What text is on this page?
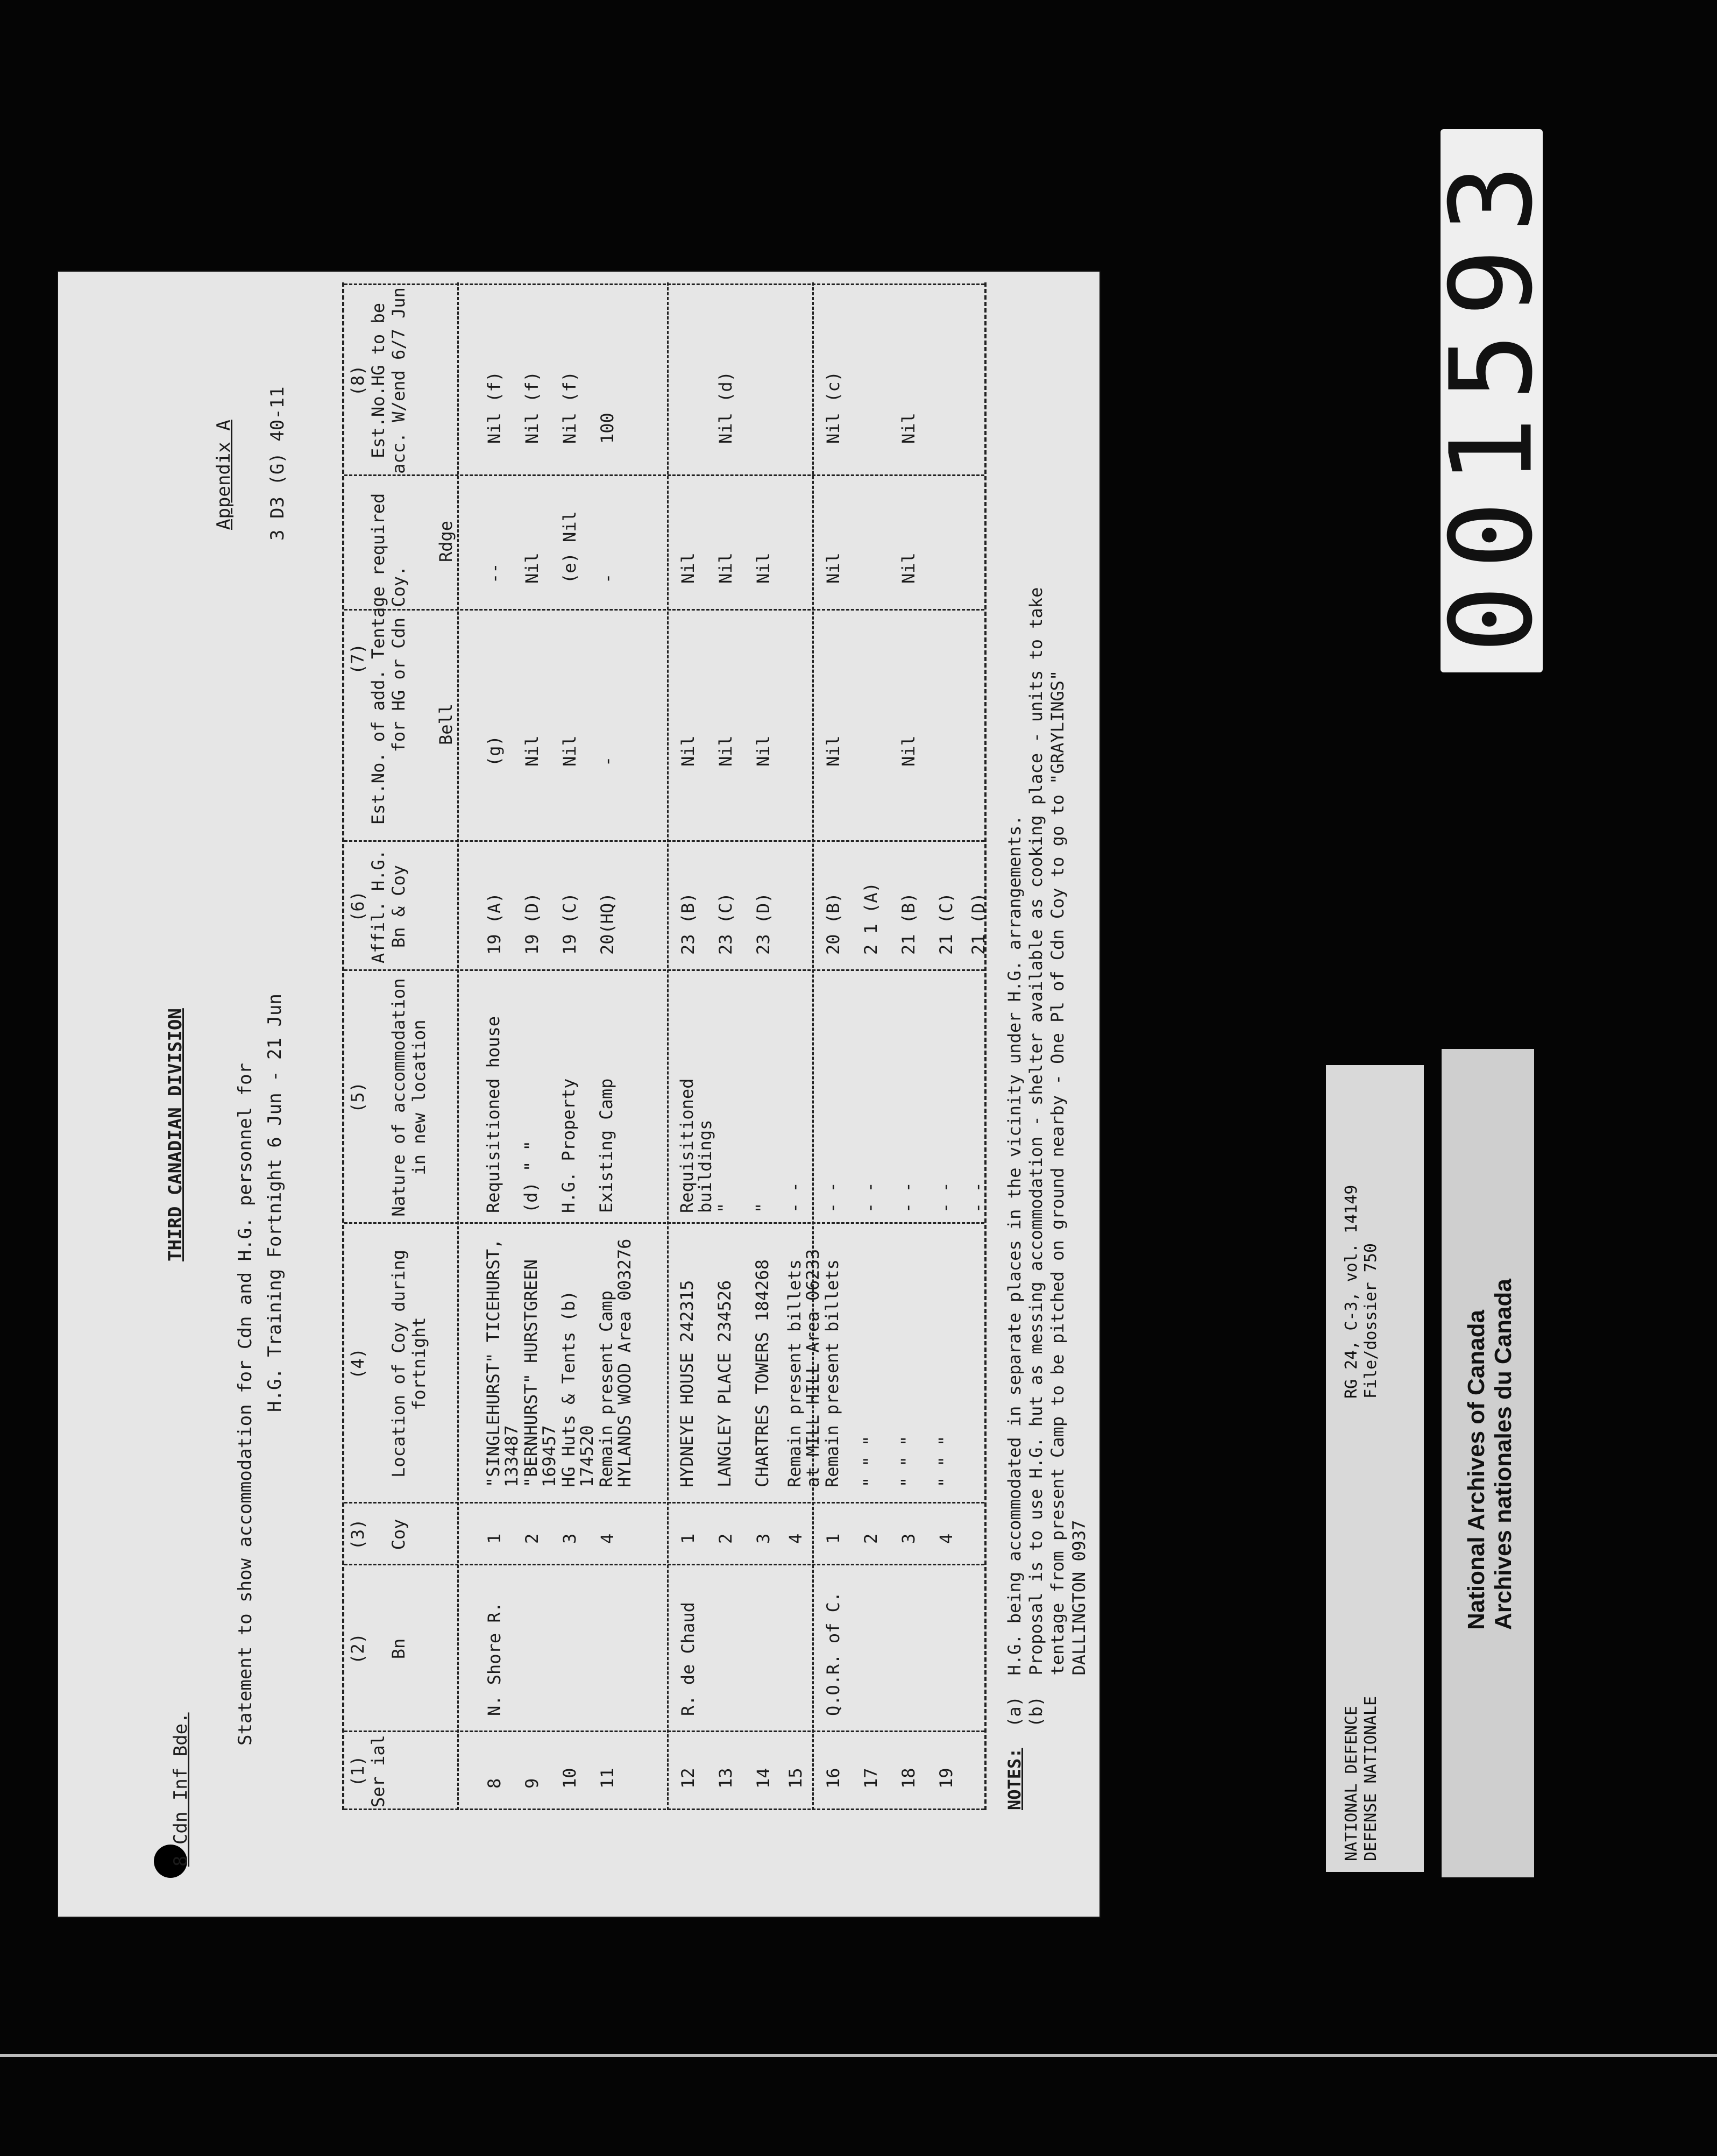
8 Cdn Inf Bde.
THIRD CANADIAN DIVISION	Statement to show accommodation for Cdn and H.G. personnel for H.G. Training Fortnight 6 Jun - 21 Jun
Appendix A 3 D3 (G) 40-11
(1)
Ser ial
(2) Bn
(3) Coy
(4) Location of Coy during fortnight
(5) Nature of accommodation in new location
(6)
Affil. H.G. Bn & Coy
(7)
Est.No. of add. Tentage required for HG or Cdn Coy.
(8)
Est.No.HG to be acc. W/end 6/7 Jun
Bell
Rdge
8
N. Shore R.
1
"SINGLEHURST" TICEHURST, 133487
Requisitioned house
19 (A)
(g)
--
Nil (f)
9
2
"BERNHURST" HURSTGREEN 169457
(d) " "
19 (D)
Nil
Nil
Nil (f)
10
3
HG Huts & Tents (b) 174520
H.G. Property
19 (C)
Nil
(e) Nil
Nil (f)
11
4
Remain present Camp HYLANDS WOOD Area 003276
Existing Camp
20(HQ)
-
-
100
12
R. de Chaud
1
HYDNEYE HOUSE 242315
Requisitioned buildings
23 (B)
Nil
Nil
13
2
LANGLEY PLACE 234526
"
23 (C)
Nil
Nil
Nil (d)
14
3
CHARTRES TOWERS 184268
"
23 (D)
Nil
Nil
15
4
Remain present billets at MILL HILL Area 06233
- -
16
Q.O.R. of C.
1
Remain present billets
- -
20 (B)
Nil
Nil
Nil (c)
17
2
" " "
- -
2 1 (A)
18
3
" " "
- -
21 (B)
Nil
Nil
Nil
19
4
" " "
- -
21 (C)
- -
21 (D)
NOTES:  (a)  H.G. being accommodated in separate places in the vicinity under H.G. arrangements.
(b)  Proposal is to use H.G. hut as messing accommodation - shelter available as cooking place - units to take
tentage from present Camp to be pitched on ground nearby - One Pl of Cdn Coy to go to "GRAYLINGS"
DALLINGTON 0937
001593
NATIONAL DEFENCE DEFENSE NATIONALE
RG 24, C-3, vol. 14149 File/dossier 750	National Archives of Canada Archives nationales du Canada
